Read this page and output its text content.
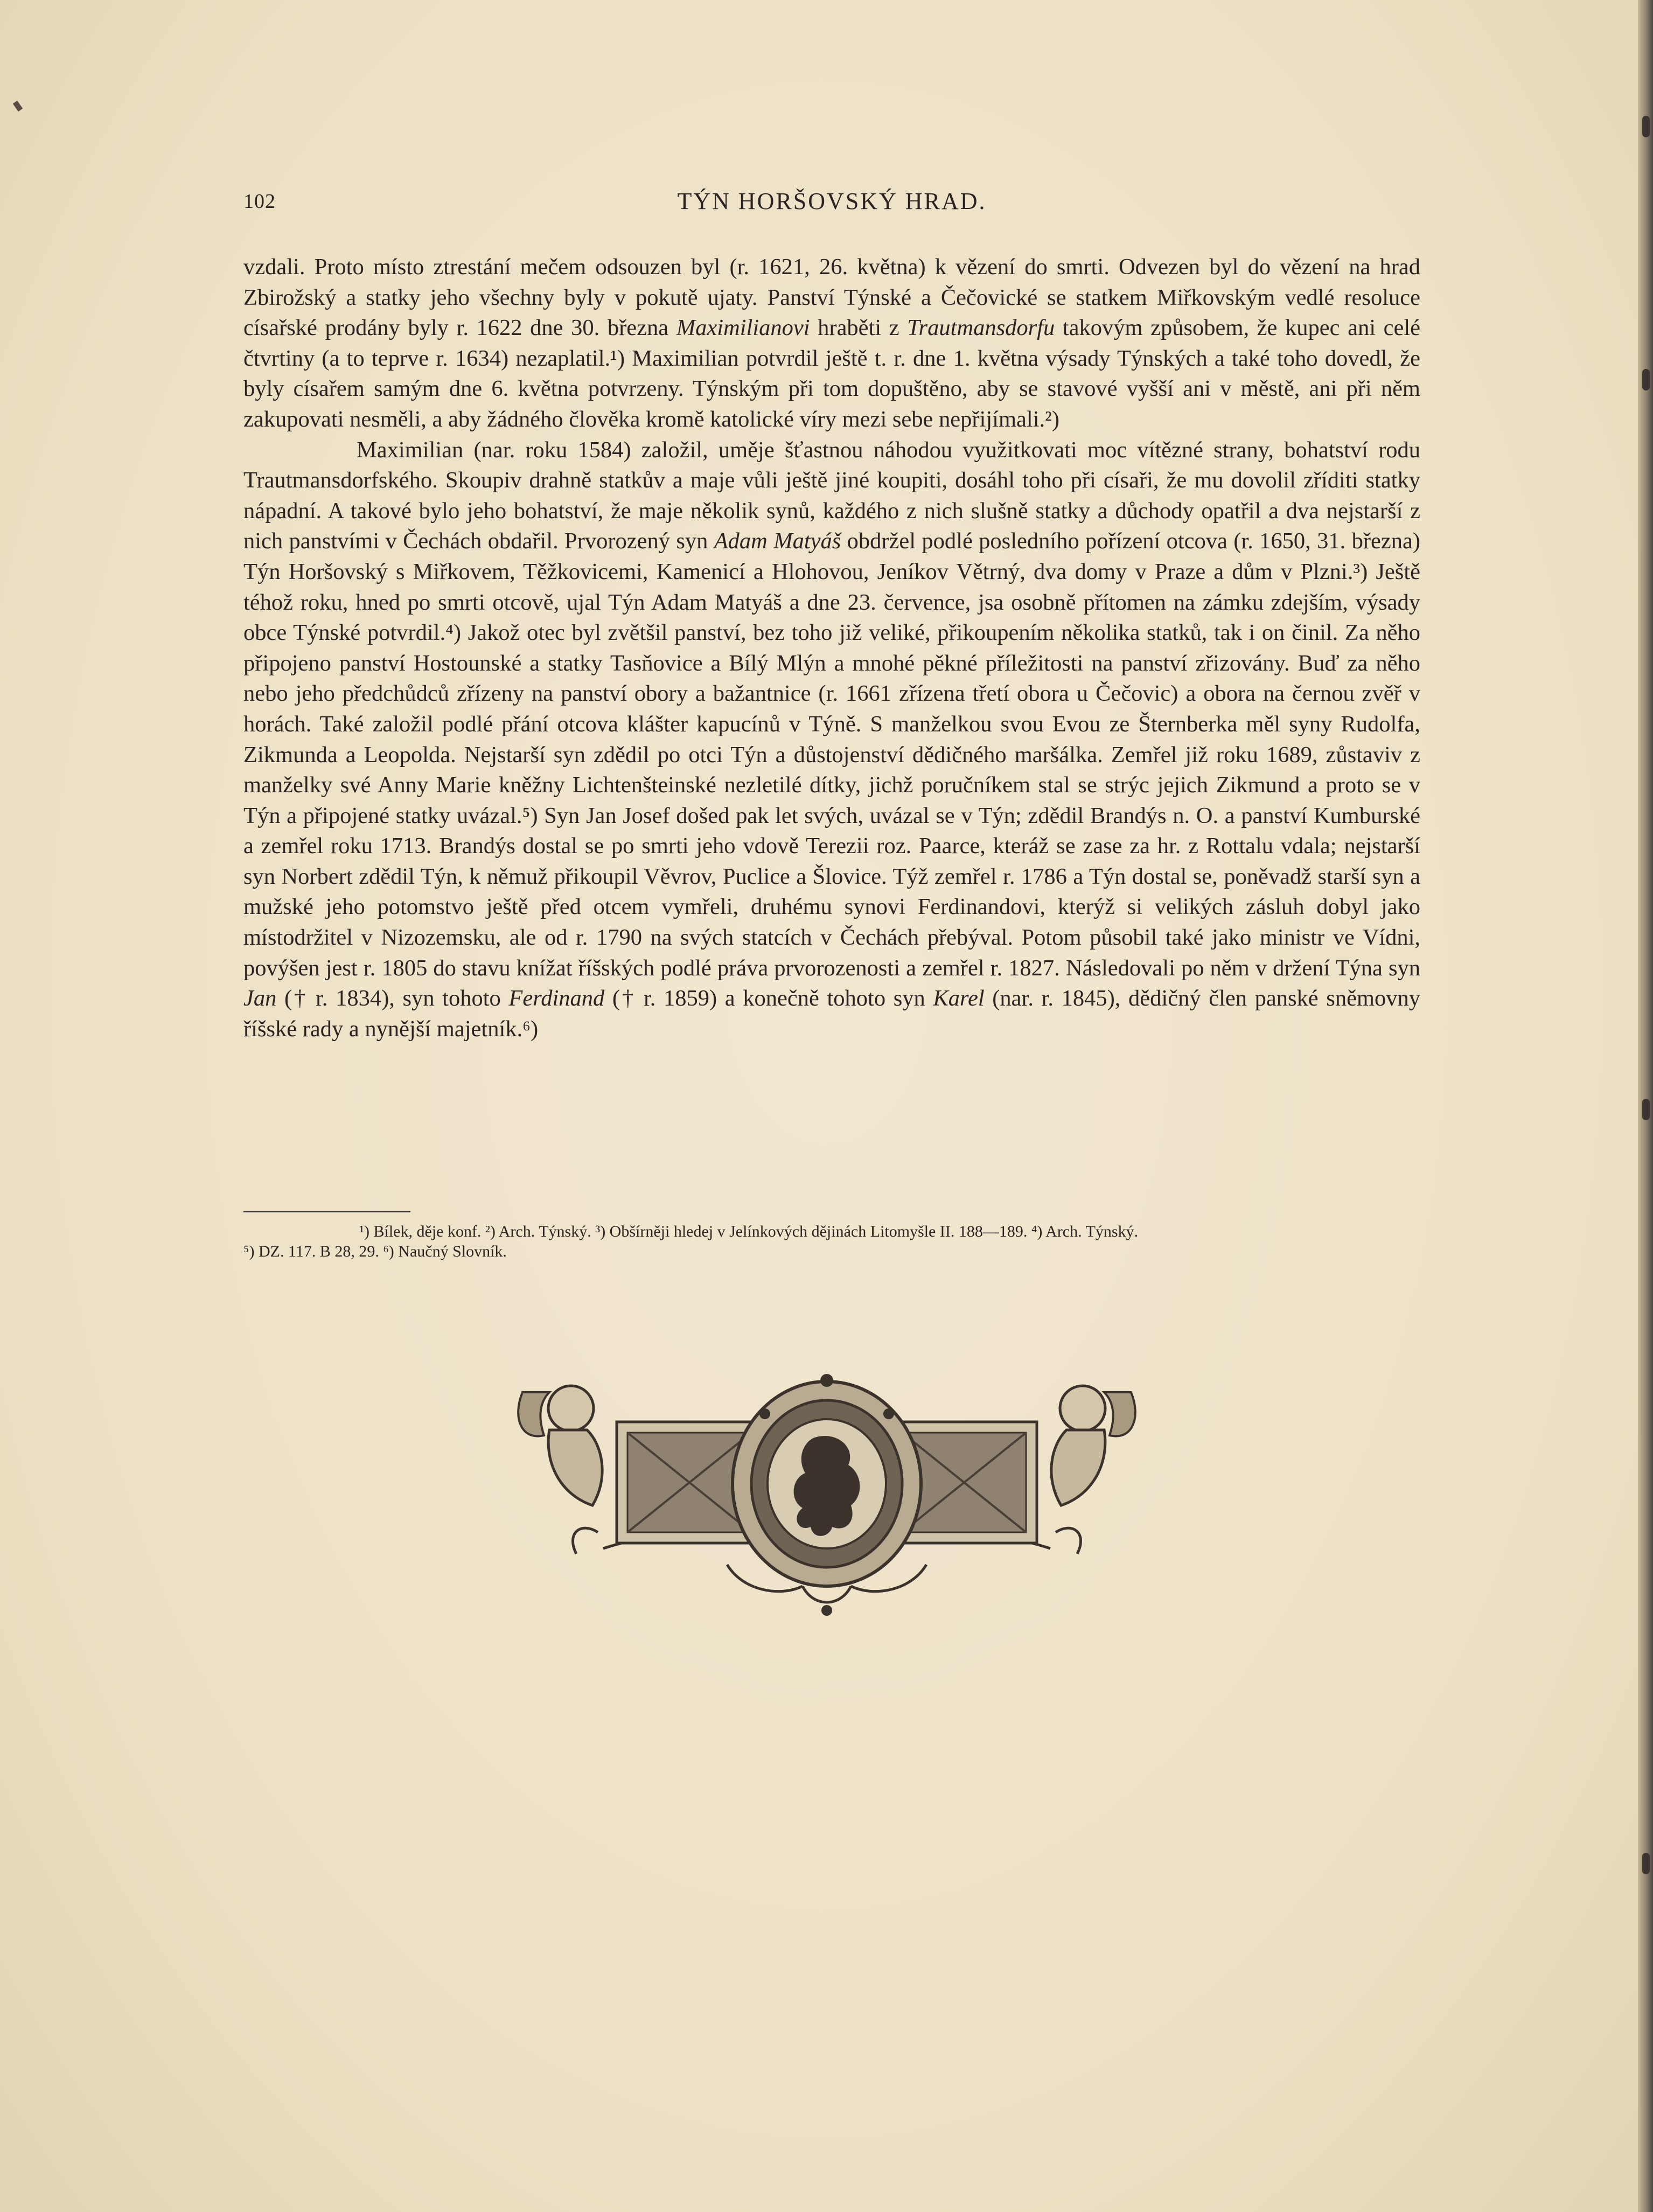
102	TÝN HORŠOVSKÝ HRAD.

vzdali. Proto místo ztrestání mečem odsouzen byl (r. 1621, 26. května) k vězení do smrti. Odvezen byl do vězení na hrad Zbirožský a statky jeho všechny byly v pokutě ujaty. Panství Týnské a Čečovické se statkem Miřkovským vedlé resoluce císařské prodány byly r. 1622 dne 30. března Maximilianovi hraběti z Trautmansdorfu takovým způsobem, že kupec ani celé čtvrtiny (a to teprve r. 1634) nezaplatil.¹) Maximilian potvrdil ještě t. r. dne 1. května výsady Týnských a také toho dovedl, že byly císařem samým dne 6. května potvrzeny. Týnským při tom dopuštěno, aby se stavové vyšší ani v městě, ani při něm zakupovati nesměli, a aby žádného člověka kromě katolické víry mezi sebe nepřijímali.²)

Maximilian (nar. roku 1584) založil, uměje šťastnou náhodou využitkovati moc vítězné strany, bohatství rodu Trautmansdorfského. Skoupiv drahně statkův a maje vůli ještě jiné koupiti, dosáhl toho při císaři, že mu dovolil zříditi statky nápadní. A takové bylo jeho bohatství, že maje několik synů, každého z nich slušně statky a důchody opatřil a dva nejstarší z nich panstvími v Čechách obdařil. Prvorozený syn Adam Matyáš obdržel podlé posledního pořízení otcova (r. 1650, 31. března) Týn Horšovský s Miřkovem, Těžkovicemi, Kamenicí a Hlohovou, Jeníkov Větrný, dva domy v Praze a dům v Plzni.³) Ještě téhož roku, hned po smrti otcově, ujal Týn Adam Matyáš a dne 23. července, jsa osobně přítomen na zámku zdejším, výsady obce Týnské potvrdil.⁴) Jakož otec byl zvětšil panství, bez toho již veliké, přikoupením několika statků, tak i on činil. Za něho připojeno panství Hostounské a statky Tasňovice a Bílý Mlýn a mnohé pěkné příležitosti na panství zřizovány. Buď za něho nebo jeho předchůdců zřízeny na panství obory a bažantnice (r. 1661 zřízena třetí obora u Čečovic) a obora na černou zvěř v horách. Také založil podlé přání otcova klášter kapucínů v Týně. S manželkou svou Evou ze Šternberka měl syny Rudolfa, Zikmunda a Leopolda. Nejstarší syn zdědil po otci Týn a důstojenství dědičného maršálka. Zemřel již roku 1689, zůstaviv z manželky své Anny Marie kněžny Lichtenšteinské nezletilé dítky, jichž poručníkem stal se strýc jejich Zikmund a proto se v Týn a připojené statky uvázal.⁵) Syn Jan Josef došed pak let svých, uvázal se v Týn; zdědil Brandýs n. O. a panství Kumburské a zemřel roku 1713. Brandýs dostal se po smrti jeho vdově Terezii roz. Paarce, kteráž se zase za hr. z Rottalu vdala; nejstarší syn Norbert zdědil Týn, k němuž přikoupil Věvrov, Puclice a Šlovice. Týž zemřel r. 1786 a Týn dostal se, poněvadž starší syn a mužské jeho potomstvo ještě před otcem vymřeli, druhému synovi Ferdinandovi, kterýž si velikých zásluh dobyl jako místodržitel v Nizozemsku, ale od r. 1790 na svých statcích v Čechách přebýval. Potom působil také jako ministr ve Vídni, povýšen jest r. 1805 do stavu knížat říšských podlé práva prvorozenosti a zemřel r. 1827. Následovali po něm v držení Týna syn Jan († r. 1834), syn tohoto Ferdinand († r. 1859) a konečně tohoto syn Karel (nar. r. 1845), dědičný člen panské sněmovny říšské rady a nynější majetník.⁶)

¹) Bílek, děje konf. ²) Arch. Týnský. ³) Obšírněji hledej v Jelínkových dějinách Litomyšle II. 188—189. ⁴) Arch. Týnský.
⁵) DZ. 117. B 28, 29. ⁶) Naučný Slovník.
